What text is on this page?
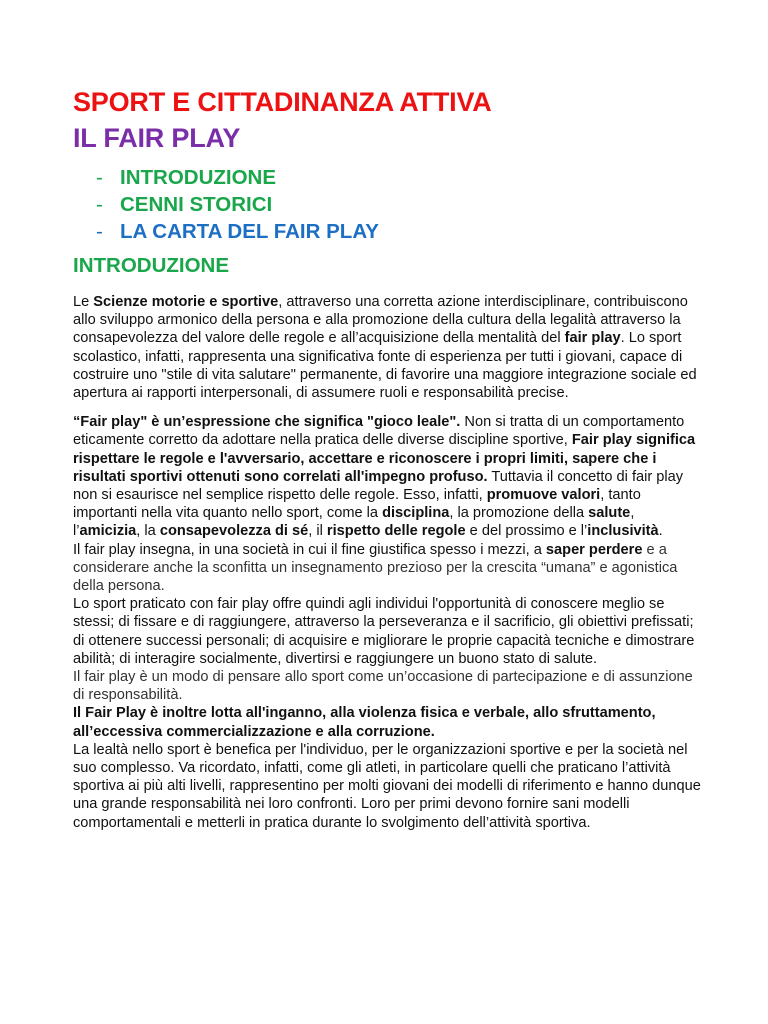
SPORT E CITTADINANZA ATTIVA
IL FAIR PLAY
- INTRODUZIONE
- CENNI STORICI
- LA CARTA DEL FAIR PLAY
INTRODUZIONE

Le Scienze motorie e sportive, attraverso una corretta azione interdisciplinare, contribuiscono allo sviluppo armonico della persona e alla promozione della cultura della legalità attraverso la consapevolezza del valore delle regole e all’acquisizione della mentalità del fair play. Lo sport scolastico, infatti, rappresenta una significativa fonte di esperienza per tutti i giovani, capace di costruire uno "stile di vita salutare" permanente, di favorire una maggiore integrazione sociale ed apertura ai rapporti interpersonali, di assumere ruoli e responsabilità precise.

“Fair play" è un’espressione che significa "gioco leale". Non si tratta di un comportamento eticamente corretto da adottare nella pratica delle diverse discipline sportive, Fair play significa rispettare le regole e l'avversario, accettare e riconoscere i propri limiti, sapere che i risultati sportivi ottenuti sono correlati all'impegno profuso. Tuttavia il concetto di fair play non si esaurisce nel semplice rispetto delle regole. Esso, infatti, promuove valori, tanto importanti nella vita quanto nello sport, come la disciplina, la promozione della salute, l’amicizia, la consapevolezza di sé, il rispetto delle regole e del prossimo e l’inclusività.

Il fair play insegna, in una società in cui il fine giustifica spesso i mezzi, a saper perdere e a considerare anche la sconfitta un insegnamento prezioso per la crescita “umana” e agonistica della persona.

Lo sport praticato con fair play offre quindi agli individui l'opportunità di conoscere meglio se stessi; di fissare e di raggiungere, attraverso la perseveranza e il sacrificio, gli obiettivi prefissati; di ottenere successi personali; di acquisire e migliorare le proprie capacità tecniche e dimostrare abilità; di interagire socialmente, divertirsi e raggiungere un buono stato di salute.

Il fair play è un modo di pensare allo sport come un’occasione di partecipazione e di assunzione di responsabilità.

Il Fair Play è inoltre lotta all'inganno, alla violenza fisica e verbale, allo sfruttamento, all’eccessiva commercializzazione e alla corruzione.

La lealtà nello sport è benefica per l'individuo, per le organizzazioni sportive e per la società nel suo complesso. Va ricordato, infatti, come gli atleti, in particolare quelli che praticano l’attività sportiva ai più alti livelli, rappresentino per molti giovani dei modelli di riferimento e hanno dunque una grande responsabilità nei loro confronti. Loro per primi devono fornire sani modelli comportamentali e metterli in pratica durante lo svolgimento dell’attività sportiva.
